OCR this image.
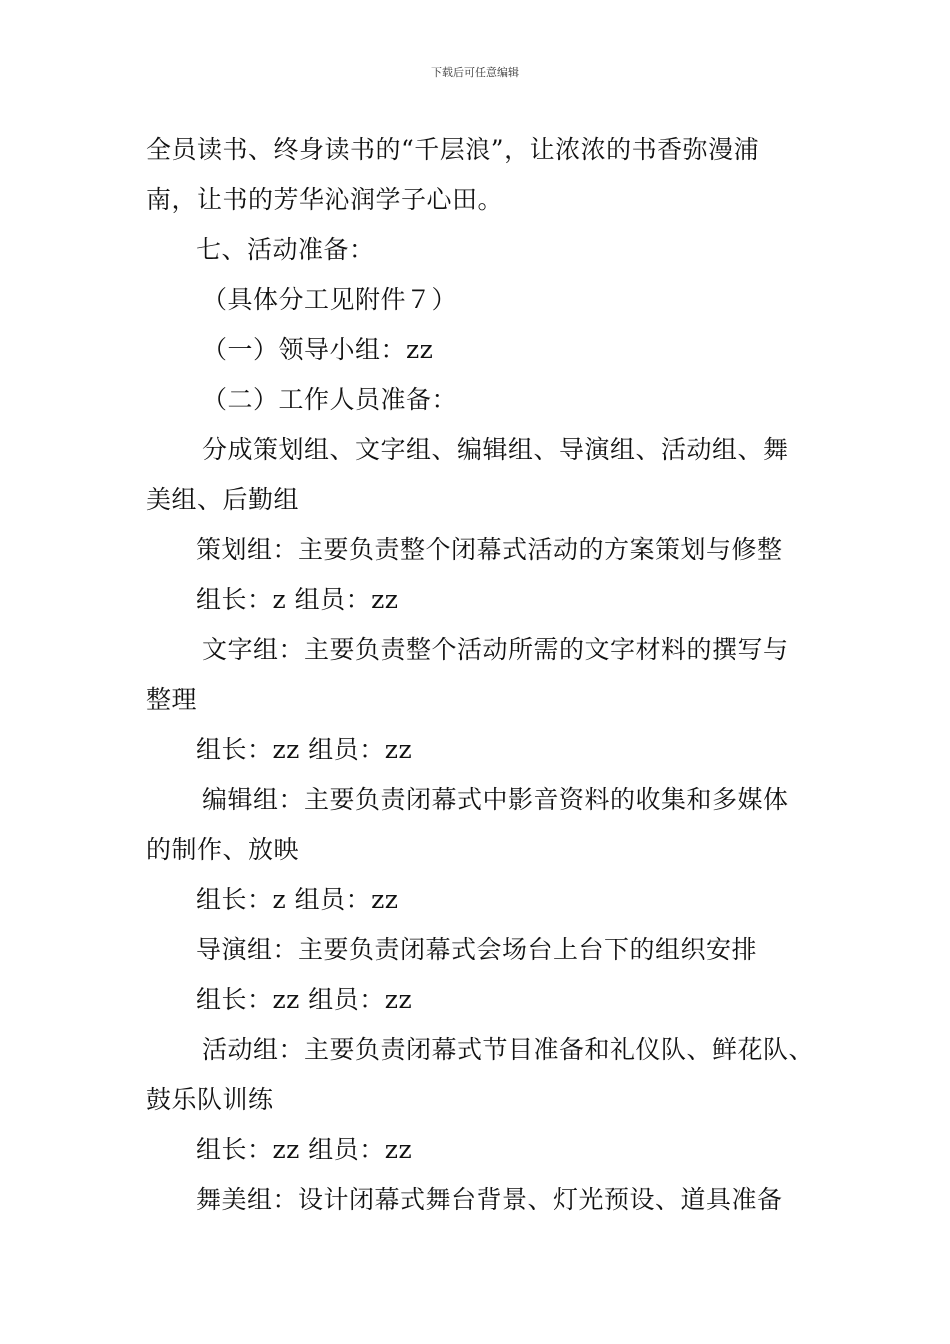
下载后可任意编辑
全员读书、终身读书的“千层浪”，让浓浓的书香弥漫浦
南，让书的芳华沁润学子心田。
七、活动准备：
（具体分工见附件７）
（一）领导小组：zz
（二）工作人员准备：
分成策划组、文字组、编辑组、导演组、活动组、舞
美组、后勤组
策划组：主要负责整个闭幕式活动的方案策划与修整
组长：z 组员：zz
文字组：主要负责整个活动所需的文字材料的撰写与
整理
组长：zz 组员：zz
编辑组：主要负责闭幕式中影音资料的收集和多媒体
的制作、放映
组长：z 组员：zz
导演组：主要负责闭幕式会场台上台下的组织安排
组长：zz 组员：zz
活动组：主要负责闭幕式节目准备和礼仪队、鲜花队、
鼓乐队训练
组长：zz 组员：zz
舞美组：设计闭幕式舞台背景、灯光预设、道具准备
